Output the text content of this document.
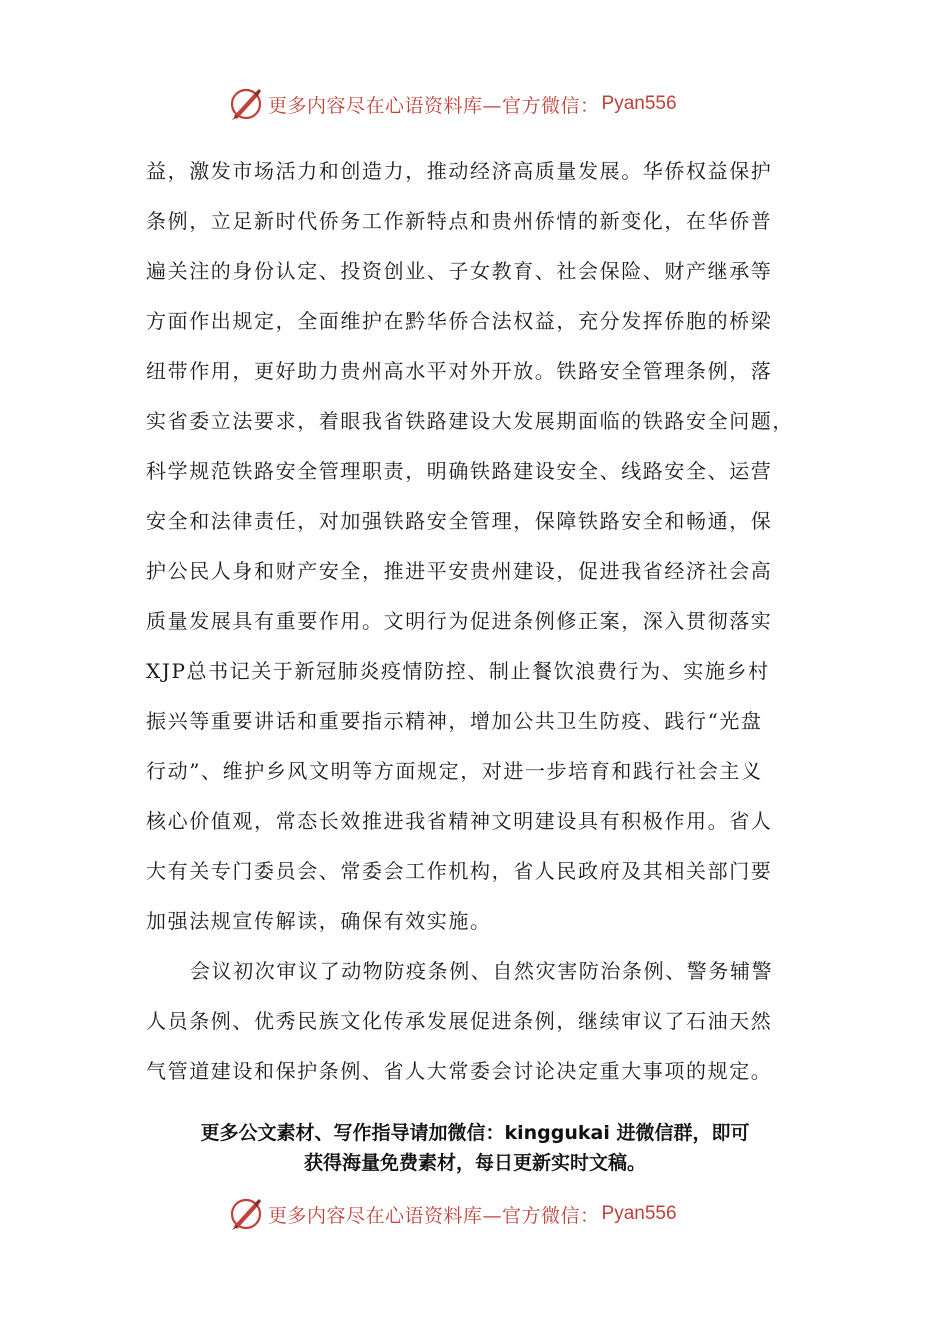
更多内容尽在心语资料库—官方微信： Pyan556
益，激发市场活力和创造力，推动经济高质量发展。华侨权益保护
条例，立足新时代侨务工作新特点和贵州侨情的新变化，在华侨普
遍关注的身份认定、投资创业、子女教育、社会保险、财产继承等
方面作出规定，全面维护在黔华侨合法权益，充分发挥侨胞的桥梁
纽带作用，更好助力贵州高水平对外开放。铁路安全管理条例，落
实省委立法要求，着眼我省铁路建设大发展期面临的铁路安全问题，
科学规范铁路安全管理职责，明确铁路建设安全、线路安全、运营
安全和法律责任，对加强铁路安全管理，保障铁路安全和畅通，保
护公民人身和财产安全，推进平安贵州建设，促进我省经济社会高
质量发展具有重要作用。文明行为促进条例修正案，深入贯彻落实
XJP总书记关于新冠肺炎疫情防控、制止餐饮浪费行为、实施乡村
振兴等重要讲话和重要指示精神，增加公共卫生防疫、践行“光盘
行动”、维护乡风文明等方面规定，对进一步培育和践行社会主义
核心价值观，常态长效推进我省精神文明建设具有积极作用。省人
大有关专门委员会、常委会工作机构，省人民政府及其相关部门要
加强法规宣传解读，确保有效实施。
会议初次审议了动物防疫条例、自然灾害防治条例、警务辅警
人员条例、优秀民族文化传承发展促进条例，继续审议了石油天然
气管道建设和保护条例、省人大常委会讨论决定重大事项的规定。
更多公文素材、写作指导请加微信：kinggukai 进微信群，即可
获得海量免费素材，每日更新实时文稿。
更多内容尽在心语资料库—官方微信： Pyan556
